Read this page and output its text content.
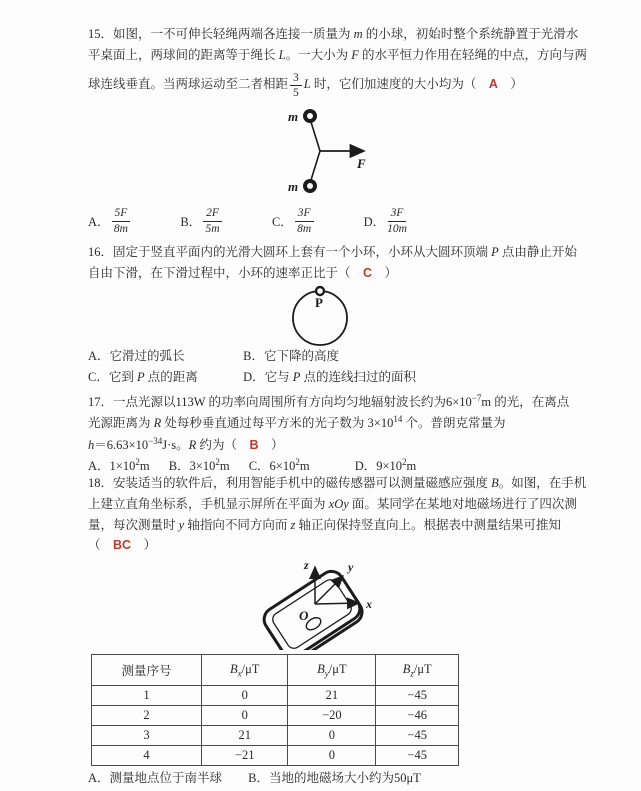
15．如图，一不可伸长轻绳两端各连接一质量为 m 的小球，初始时整个系统静置于光滑水
平桌面上，两球间的距离等于绳长 L。一大小为 F 的水平恒力作用在轻绳的中点，方向与两
球连线垂直。当两球运动至二者相距 $\frac{3}{5}$ L 时，它们加速度的大小均为（　A　）
m
F
m
A． $\frac{5F}{8m}$	B． $\frac{2F}{5m}$	C． $\frac{3F}{8m}$	D． $\frac{3F}{10m}$
16．固定于竖直平面内的光滑大圆环上套有一个小环，小环从大圆环顶端 P 点由静止开始
自由下滑，在下滑过程中，小环的速率正比于（　C　）
P
A．它滑过的弧长	B．它下降的高度
C．它到 P 点的距离	D．它与 P 点的连线扫过的面积
17．一点光源以113W 的功率向周围所有方向均匀地辐射波长约为$6\times 10^{-7}m$ 的光，在离点
光源距离为 R 处每秒垂直通过每平方米的光子数为 $3\times 10^{14}$ 个。普朗克常量为
$h=6.63\times 10^{-34}J\cdot s$。R 约为（　B　）
A．$1\times 10^2m$ B．$3\times 10^2m$ C．$6\times 10^2m$	D．$9\times 10^2m$
18．安装适当的软件后，利用智能手机中的磁传感器可以测量磁感应强度 B。如图，在手机
上建立直角坐标系，手机显示屏所在平面为 xOy 面。某同学在某地对地磁场进行了四次测
量，每次测量时 y 轴指向不同方向而 z 轴正向保持竖直向上。根据表中测量结果可推知
（　BC　）
z	y
x
O
测量序号	$B_x/\mu T$	$B_y/\mu T$	$B_z/\mu T$
1	0	21	−45
2	0	−20	−46
3	21	0	−45
4	−21	0	−45
A．测量地点位于南半球 B．当地的地磁场大小约为50μT
